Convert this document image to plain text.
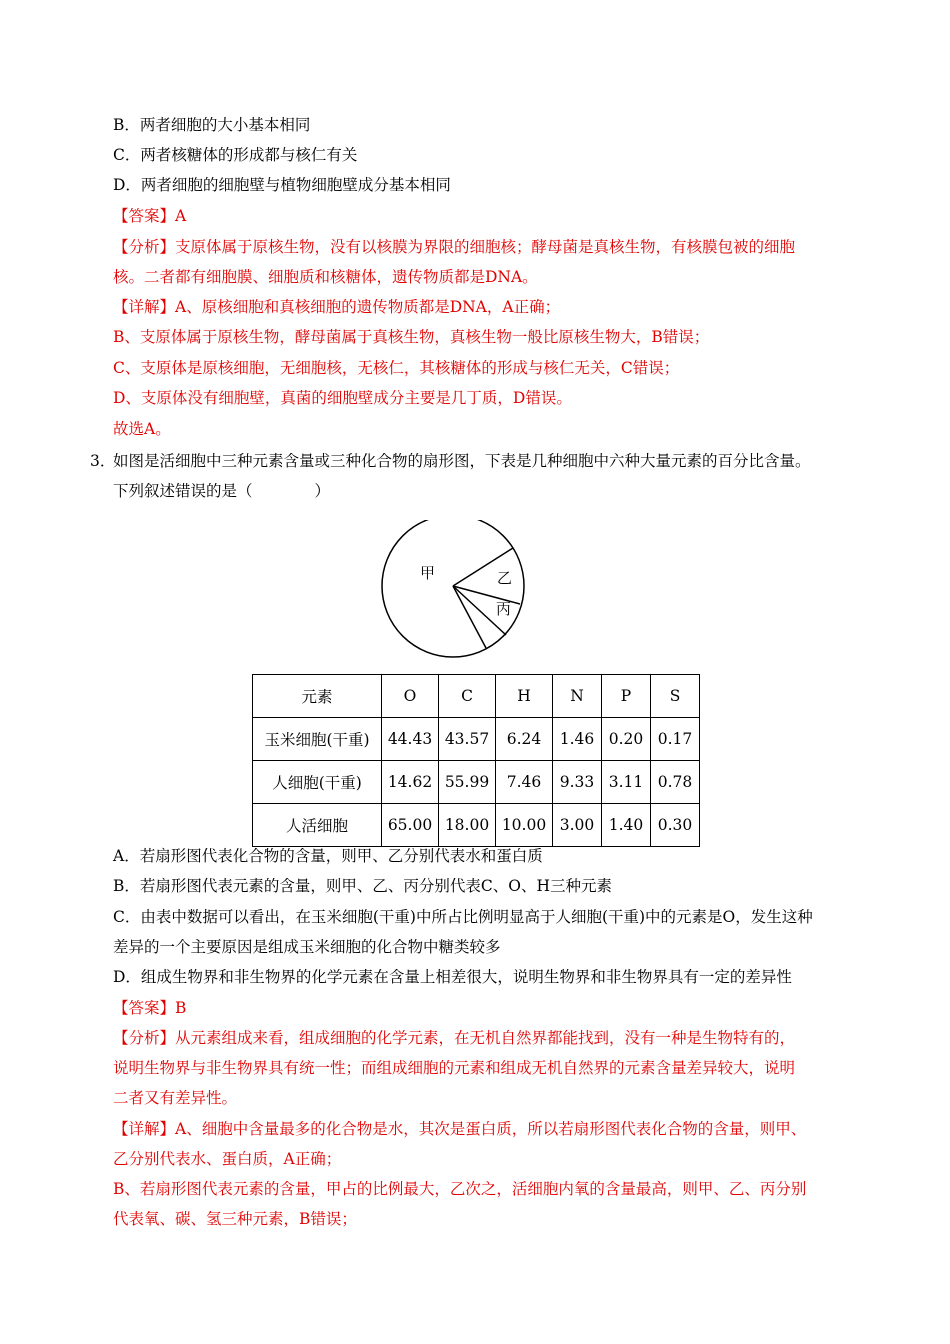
B．两者细胞的大小基本相同
C．两者核糖体的形成都与核仁有关
D．两者细胞的细胞壁与植物细胞壁成分基本相同
【答案】A
【分析】支原体属于原核生物，没有以核膜为界限的细胞核；酵母菌是真核生物，有核膜包被的细胞
核。二者都有细胞膜、细胞质和核糖体，遗传物质都是DNA。
【详解】A、原核细胞和真核细胞的遗传物质都是DNA，A正确；
B、支原体属于原核生物，酵母菌属于真核生物，真核生物一般比原核生物大，B错误；
C、支原体是原核细胞，无细胞核，无核仁，其核糖体的形成与核仁无关，C错误；
D、支原体没有细胞壁，真菌的细胞壁成分主要是几丁质，D错误。
故选A。
3．
如图是活细胞中三种元素含量或三种化合物的扇形图，下表是几种细胞中六种大量元素的百分比含量。
下列叙述错误的是（　　　　）
甲	乙
丙
元素	O	C	H	N	P	S
玉米细胞(干重)	44.43	43.57	6.24	1.46	0.20	0.17
人细胞(干重)	14.62	55.99	7.46	9.33	3.11	0.78
人活细胞	65.00	18.00	10.00	3.00	1.40	0.30
A．若扇形图代表化合物的含量，则甲、乙分别代表水和蛋白质
B．若扇形图代表元素的含量，则甲、乙、丙分别代表C、O、H三种元素
C．由表中数据可以看出，在玉米细胞(干重)中所占比例明显高于人细胞(干重)中的元素是O，发生这种
差异的一个主要原因是组成玉米细胞的化合物中糖类较多
D．组成生物界和非生物界的化学元素在含量上相差很大，说明生物界和非生物界具有一定的差异性
【答案】B
【分析】从元素组成来看，组成细胞的化学元素，在无机自然界都能找到，没有一种是生物特有的，
说明生物界与非生物界具有统一性；而组成细胞的元素和组成无机自然界的元素含量差异较大，说明
二者又有差异性。
【详解】A、细胞中含量最多的化合物是水，其次是蛋白质，所以若扇形图代表化合物的含量，则甲、
乙分别代表水、蛋白质，A正确；
B、若扇形图代表元素的含量，甲占的比例最大，乙次之，活细胞内氧的含量最高，则甲、乙、丙分别
代表氧、碳、氢三种元素，B错误；
